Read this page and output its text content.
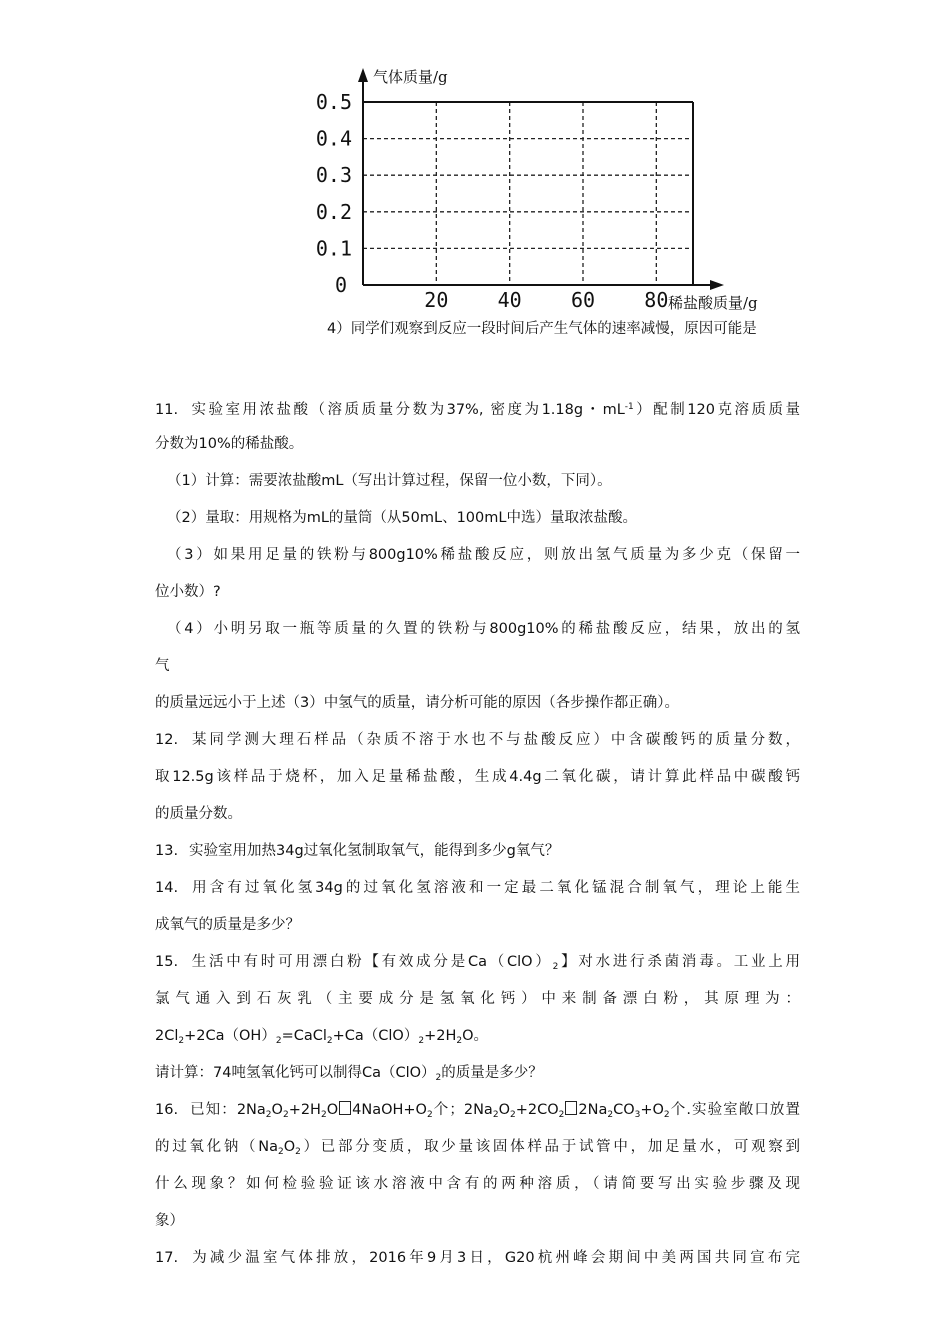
0.1
0.2
0.3
0.4
0.5
0
20 40 60 80
气体质量/g
稀盐酸质量/g
4）同学们观察到反应一段时间后产生气体的速率减慢，原因可能是
11. 实验室用浓盐酸（溶质质量分数为37%, 密度为1.18g・$mL^{-1}$）配制120克溶质质量
分数为10%的稀盐酸。
（1）计算：需要浓盐酸mL（写出计算过程，保留一位小数，下同）。
（2）量取：用规格为mL的量筒（从50mL、100mL中选）量取浓盐酸。
（3）如果用足量的铁粉与800g10%稀盐酸反应，则放出氢气质量为多少克（保留一
位小数）?
（4）小明另取一瓶等质量的久置的铁粉与800g10%的稀盐酸反应，结果，放出的氢
气
的质量远远小于上述（3）中氢气的质量，请分析可能的原因（各步操作都正确）。
12. 某同学测大理石样品（杂质不溶于水也不与盐酸反应）中含碳酸钙的质量分数，
取12.5g该样品于烧杯，加入足量稀盐酸，生成4.4g二氧化碳，请计算此样品中碳酸钙
的质量分数。
13. 实验室用加热34g过氧化氢制取氧气，能得到多少g氧气？
14. 用含有过氧化氢34g的过氧化氢溶液和一定最二氧化锰混合制氧气，理论上能生
成氧气的质量是多少？
15. 生活中有时可用漂白粉【有效成分是$Ca(ClO)_2$】对水进行杀菌消毒。工业上用
氯气通入到石灰乳（主要成分是氢氧化钙）中来制备漂白粉，其原理为：
$2Cl_2+2Ca(OH)_2=CaCl_2+Ca(ClO)_2+2H_2O$。
请计算：74吨氢氧化钙可以制得$Ca(ClO)_2$的质量是多少？
16. 已知：$2Na_2O_2+2H_2O$ $4NaOH+O_2$个；$2Na_2O_2+2CO_2$ $2Na_2CO_3+O_2$个.实验室敞口放置
的过氧化钠$(Na_2O_2)$已部分变质，取少量该固体样品于试管中，加足量水，可观察到
什么现象？如何检验验证该水溶液中含有的两种溶质，（请简要写出实验步骤及现
象）
17. 为减少温室气体排放，2016年9月3日，G20杭州峰会期间中美两国共同宣布完
